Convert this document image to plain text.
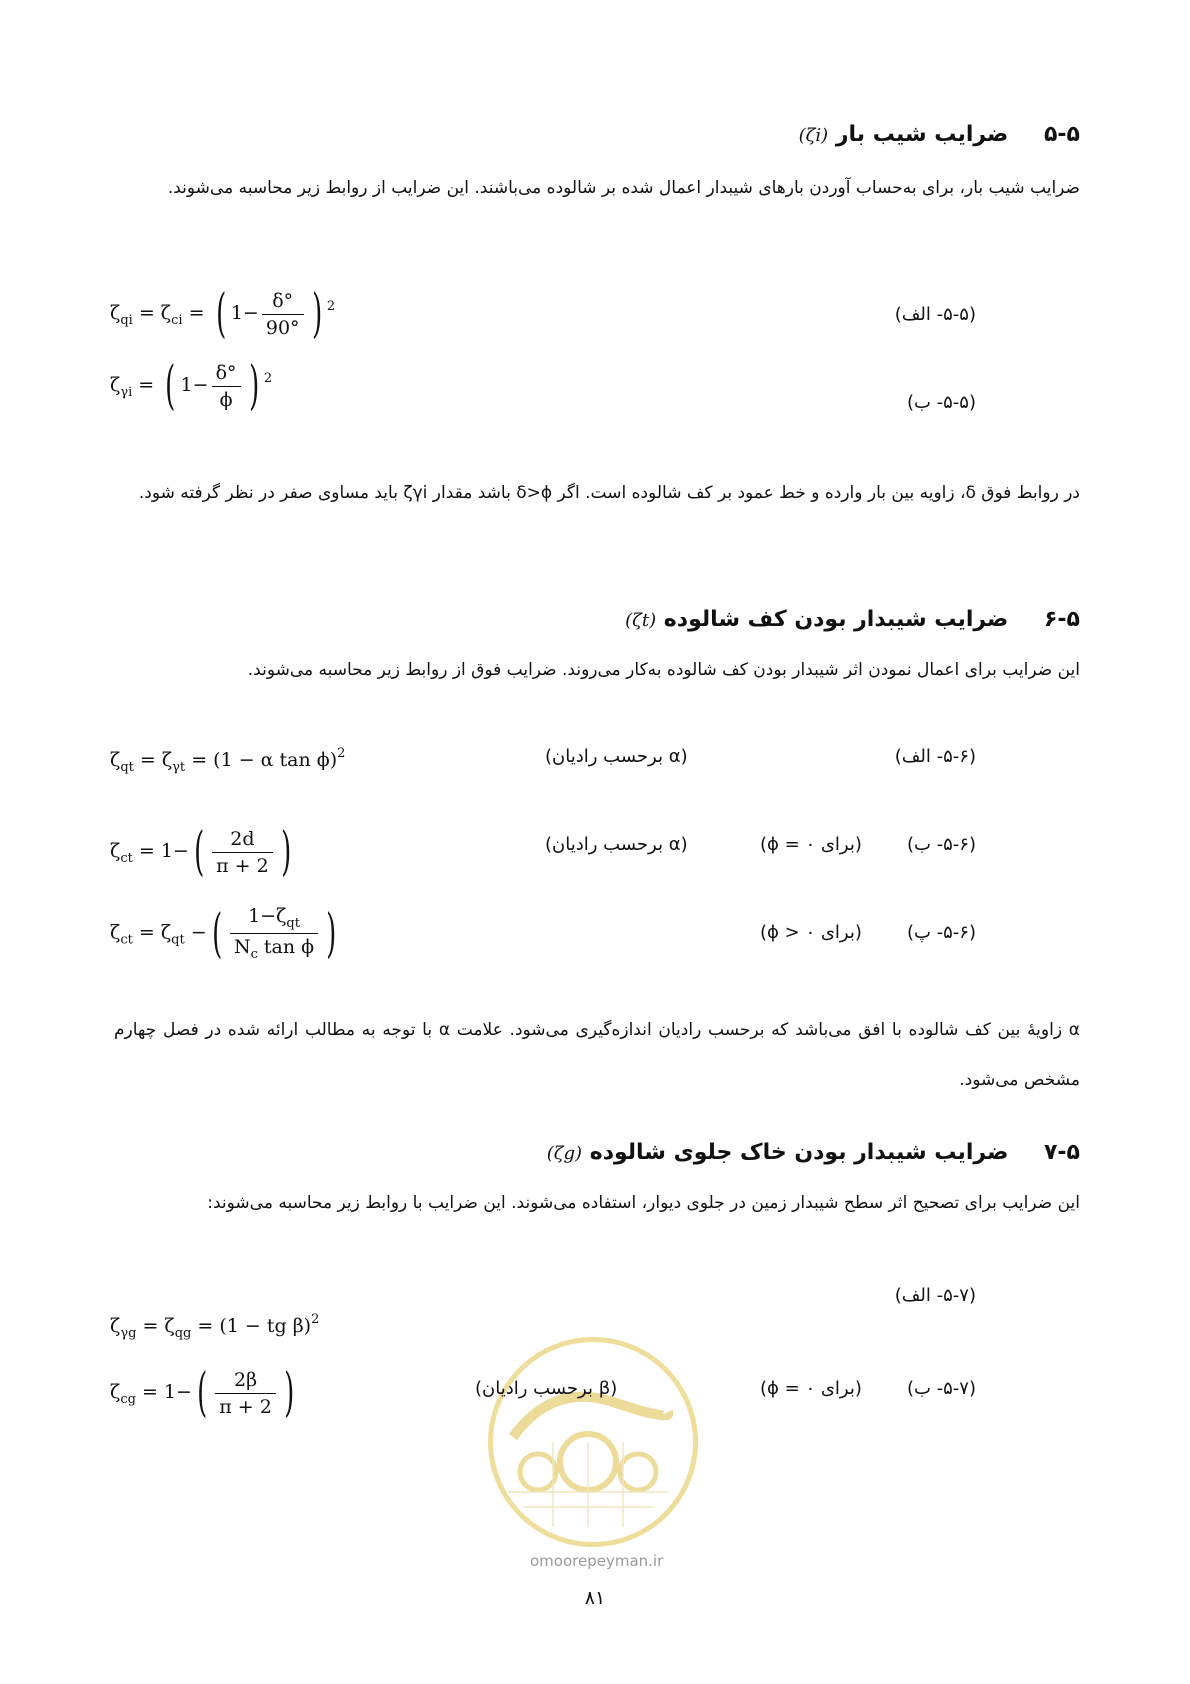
۵-۵ ضرایب شیب بار (ζi)
ضرایب شیب بار، برای به‌حساب آوردن بارهای شیبدار اعمال شده بر شالوده می‌باشند. این ضرایب از روابط زیر محاسبه می‌شوند.
$\zeta_{qi} = \zeta_{ci}$ = ( $1- \frac{\delta^\circ}{90^\circ}$ ) $^2$	(۵-۵- الف)
$\zeta_{\gamma i}$ = ( $1- \frac{\delta^\circ}{\phi}$ ) $^2$
(۵-۵- ب)
در روابط فوق δ، زاویه بین بار وارده و خط عمود بر کف شالوده است. اگر δ>ϕ باشد مقدار ζγi باید مساوی صفر در نظر گرفته شود.
۶-۵ ضرایب شیبدار بودن کف شالوده (ζt)
این ضرایب برای اعمال نمودن اثر شیبدار بودن کف شالوده به‌کار می‌روند. ضرایب فوق از روابط زیر محاسبه می‌شوند.
$\zeta_{qt} = \zeta_{\gamma t} = (1 - \alpha$ tan ϕ)$^2$	(α برحسب رادیان)	(۵-۶- الف)
$\zeta_{ct} = 1-( \frac{2d}{\pi + 2}$ )	(α برحسب رادیان)	(برای ۰ = ϕ)	(۵-۶- ب)
$\zeta_{ct} = \zeta_{qt}$ −( $\frac{1-\zeta_{qt}}{N_c \tan \phi}$ )	(برای ۰ < ϕ)	(۵-۶- پ)
α زاویهٔ بین کف شالوده با افق می‌باشد که برحسب رادیان اندازه‌گیری می‌شود. علامت α با توجه به مطالب ارائه شده در فصل چهارم مشخص می‌شود.
۷-۵ ضرایب شیبدار بودن خاک جلوی شالوده (ζg)
این ضرایب برای تصحیح اثر سطح شیبدار زمین در جلوی دیوار، استفاده می‌شوند. این ضرایب با روابط زیر محاسبه می‌شوند:
omoorepeyman.ir
$\zeta_{\gamma g} = \zeta_{qg} = (1$ − tg β)$^2$
(۵-۷- الف)
$\zeta_{cg} = 1-( \frac{2\beta}{\pi + 2}$ )	(β برحسب رادیان)	(برای ۰ = ϕ)	(۵-۷- ب)
۸۱
